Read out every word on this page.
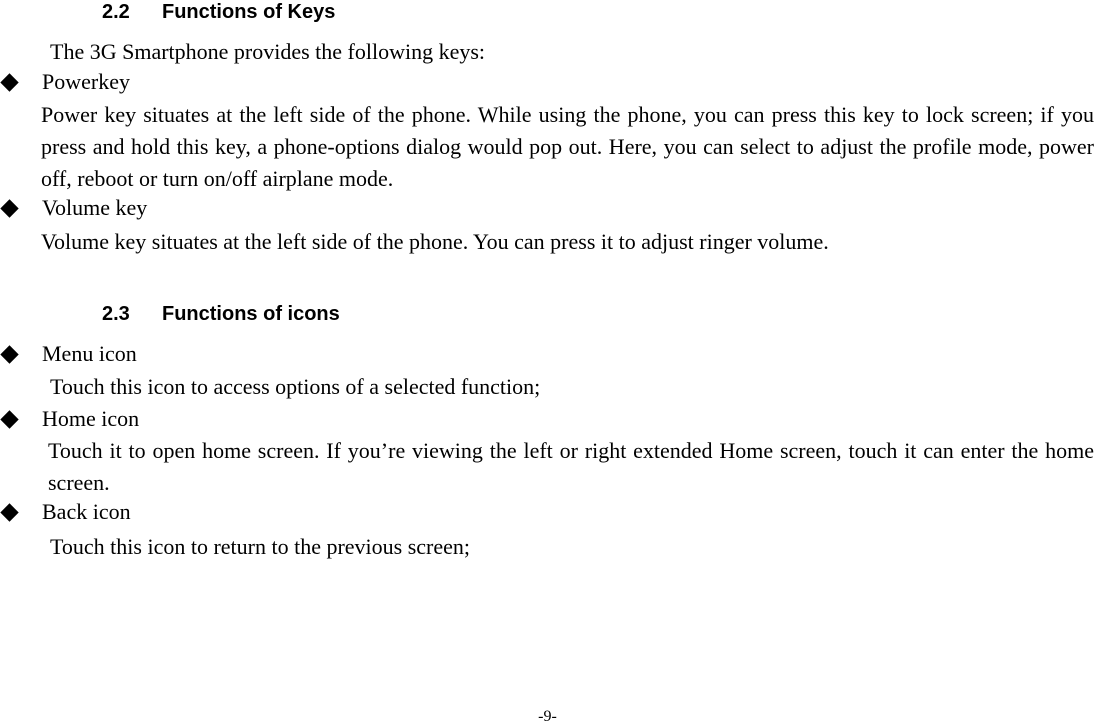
2.2 Functions of Keys
The 3G Smartphone provides the following keys:
Powerkey
Power key situates at the left side of the phone. While using the phone, you can press this key to lock screen; if you press and hold this key, a phone-options dialog would pop out. Here, you can select to adjust the profile mode, power off, reboot or turn on/off airplane mode.
Volume key
Volume key situates at the left side of the phone. You can press it to adjust ringer volume.
2.3 Functions of icons
Menu icon
Touch this icon to access options of a selected function;
Home icon
Touch it to open home screen. If you’re viewing the left or right extended Home screen, touch it can enter the home screen.
Back icon
Touch this icon to return to the previous screen;
-9-
